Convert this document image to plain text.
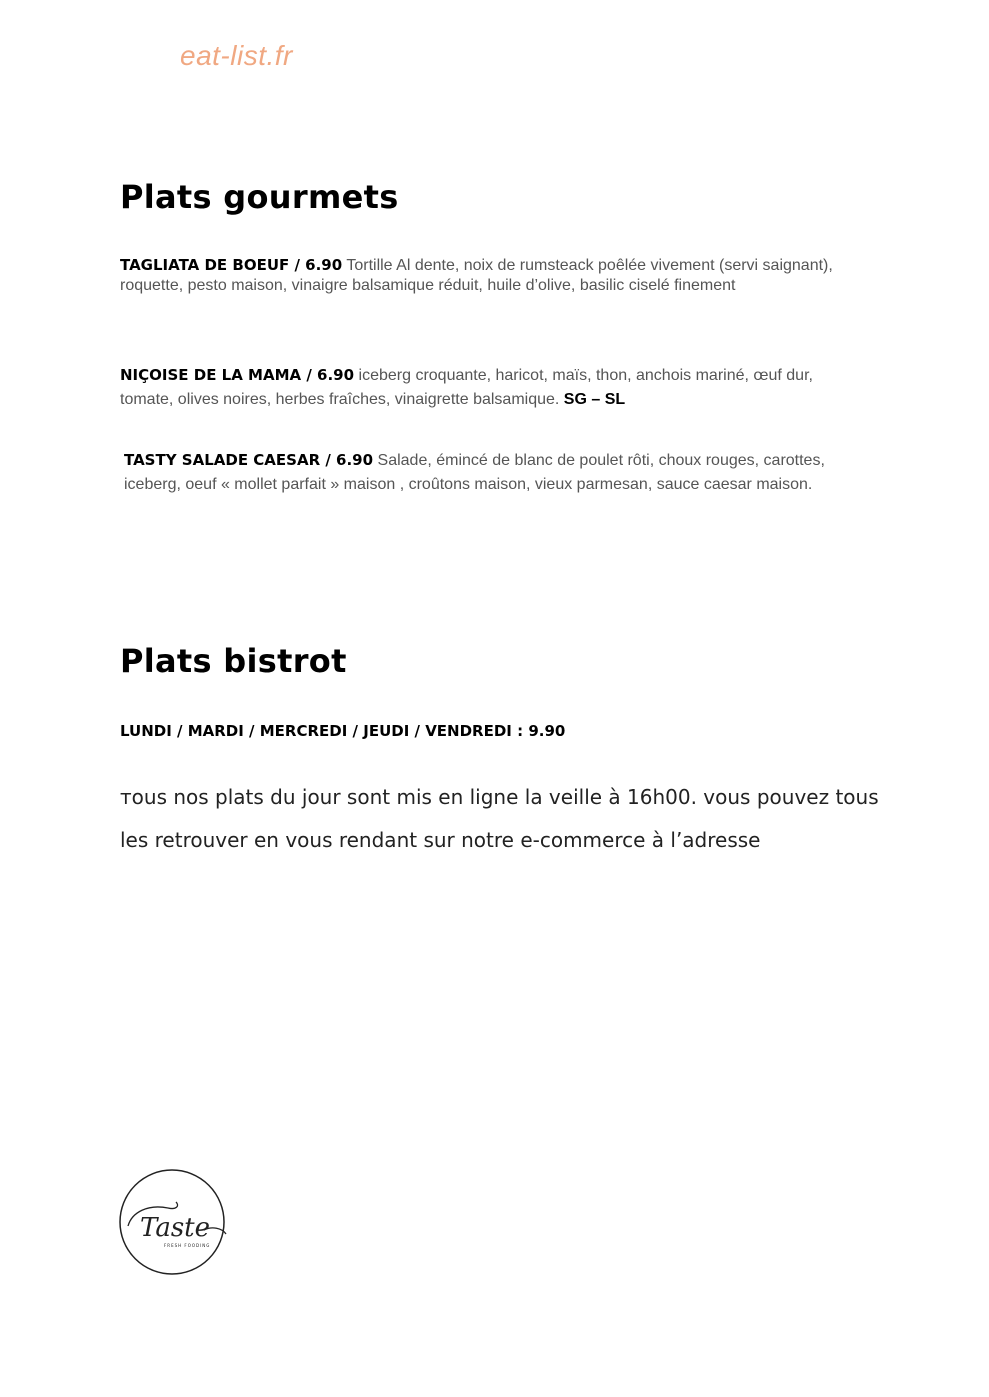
eat-list.fr
Plats gourmets
TAGLIATA DE BOEUF / 6.90 Tortille Al dente, noix de rumsteack poêlée vivement (servi saignant), roquette, pesto maison, vinaigre balsamique réduit, huile d’olive, basilic ciselé finement
NIÇOISE DE LA MAMA / 6.90 iceberg croquante, haricot, maïs, thon, anchois mariné, œuf dur, tomate, olives noires, herbes fraîches, vinaigrette balsamique. SG – SL
TASTY SALADE CAESAR / 6.90 Salade, émincé de blanc de poulet rôti, choux rouges, carottes, iceberg, oeuf « mollet parfait » maison , croûtons maison, vieux parmesan, sauce caesar maison.
Plats bistrot
LUNDI / MARDI / MERCREDI / JEUDI / VENDREDI : 9.90
ᴛous nos plats du jour sont mis en ligne la veille à 16h00. vous pouvez tous les retrouver en vous rendant sur notre e-commerce à l’adresse
Taste
FRESH FOODING
